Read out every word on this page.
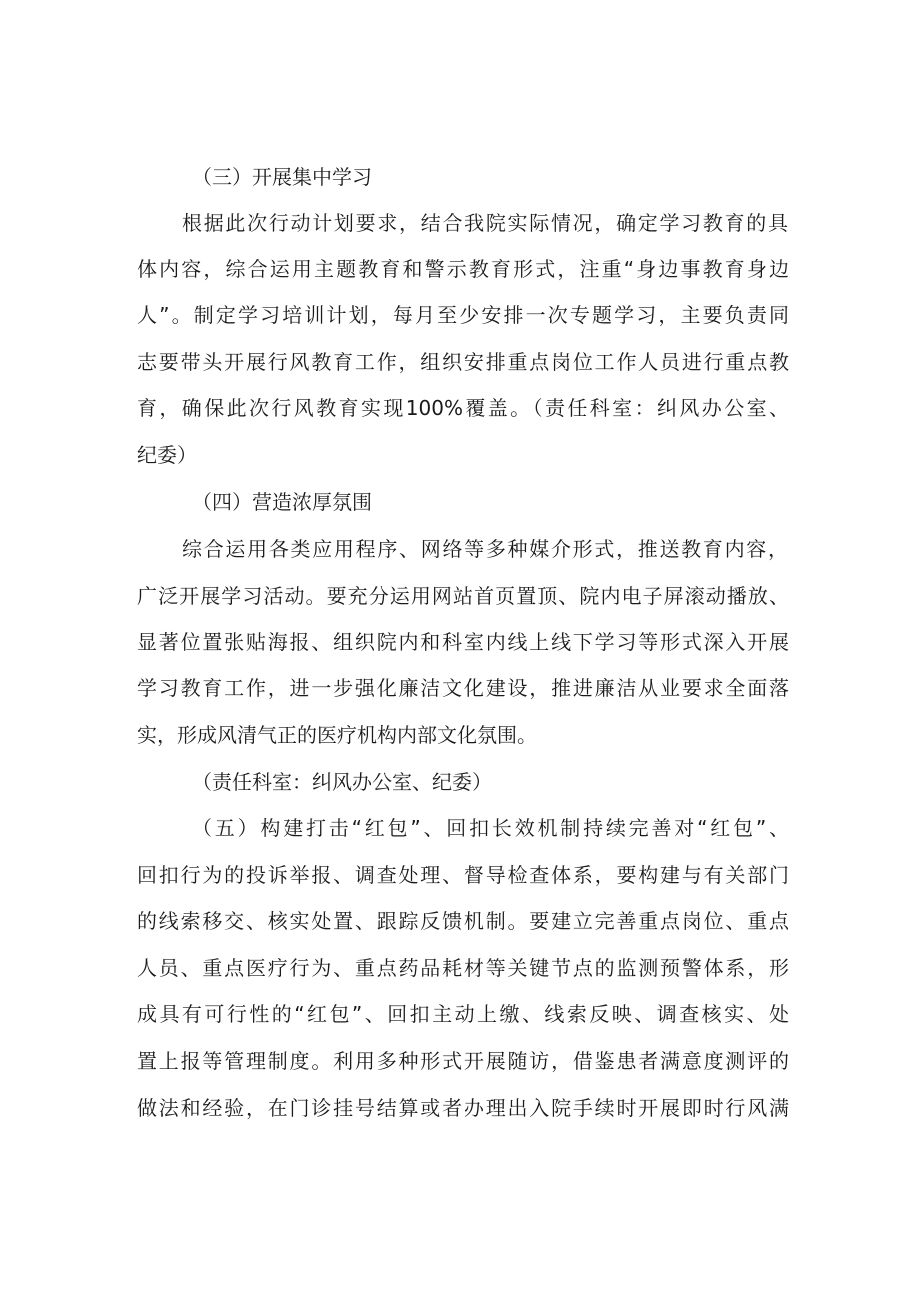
（三）开展集中学习
根据此次行动计划要求，结合我院实际情况，确定学习教育的具
体内容，综合运用主题教育和警示教育形式，注重“身边事教育身边
人”。制定学习培训计划，每月至少安排一次专题学习，主要负责同
志要带头开展行风教育工作，组织安排重点岗位工作人员进行重点教
育，确保此次行风教育实现100%覆盖。（责任科室：纠风办公室、
纪委）
（四）营造浓厚氛围
综合运用各类应用程序、网络等多种媒介形式，推送教育内容，
广泛开展学习活动。要充分运用网站首页置顶、院内电子屏滚动播放、
显著位置张贴海报、组织院内和科室内线上线下学习等形式深入开展
学习教育工作，进一步强化廉洁文化建设，推进廉洁从业要求全面落
实，形成风清气正的医疗机构内部文化氛围。
（责任科室：纠风办公室、纪委）
（五）构建打击“红包”、回扣长效机制持续完善对“红包”、
回扣行为的投诉举报、调查处理、督导检查体系，要构建与有关部门
的线索移交、核实处置、跟踪反馈机制。要建立完善重点岗位、重点
人员、重点医疗行为、重点药品耗材等关键节点的监测预警体系，形
成具有可行性的“红包”、回扣主动上缴、线索反映、调查核实、处
置上报等管理制度。利用多种形式开展随访，借鉴患者满意度测评的
做法和经验，在门诊挂号结算或者办理出入院手续时开展即时行风满
